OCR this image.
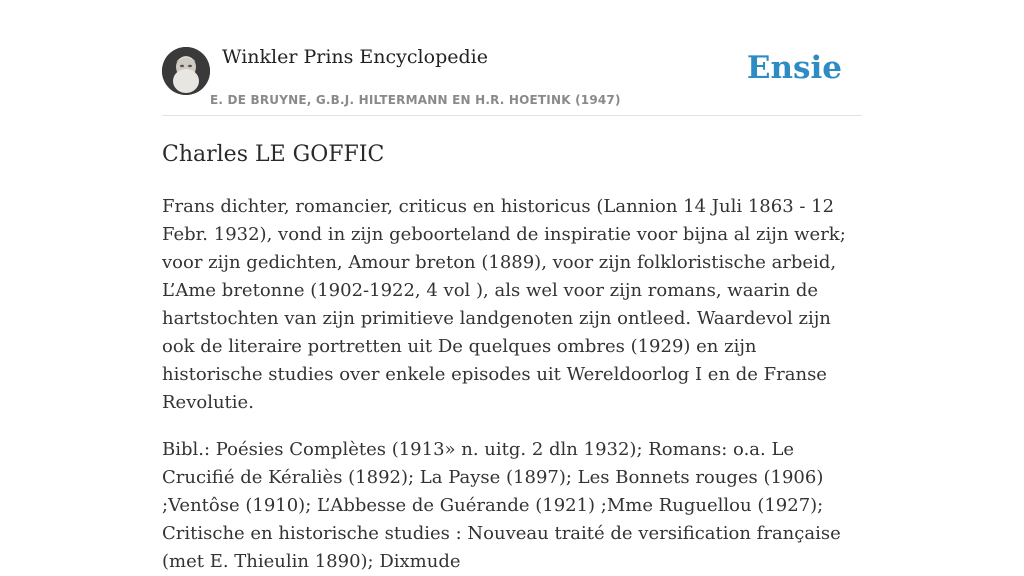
Winkler Prins Encyclopedie
E. DE BRUYNE, G.B.J. HILTERMANN EN H.R. HOETINK (1947)
Ensie
Charles LE GOFFIC

Frans dichter, romancier, criticus en historicus (Lannion 14 Juli 1863 - 12 Febr. 1932), vond in zijn geboorteland de inspiratie voor bijna al zijn werk; voor zijn gedichten, Amour breton (1889), voor zijn folkloristische arbeid, L’Ame bretonne (1902-1922, 4 vol ), als wel voor zijn romans, waarin de hartstochten van zijn primitieve landgenoten zijn ontleed. Waardevol zijn ook de literaire portretten uit De quelques ombres (1929) en zijn historische studies over enkele episodes uit Wereldoorlog I en de Franse Revolutie.

Bibl.: Poésies Complètes (1913» n. uitg. 2 dln 1932); Romans: o.a. Le Crucifié de Kéraliès (1892); La Payse (1897); Les Bonnets rouges (1906) ;Ventôse (1910); L’Abbesse de Guérande (1921) ;Mme Ruguellou (1927); Critische en historische studies : Nouveau traité de versification française (met E. Thieulin 1890); Dixmude
